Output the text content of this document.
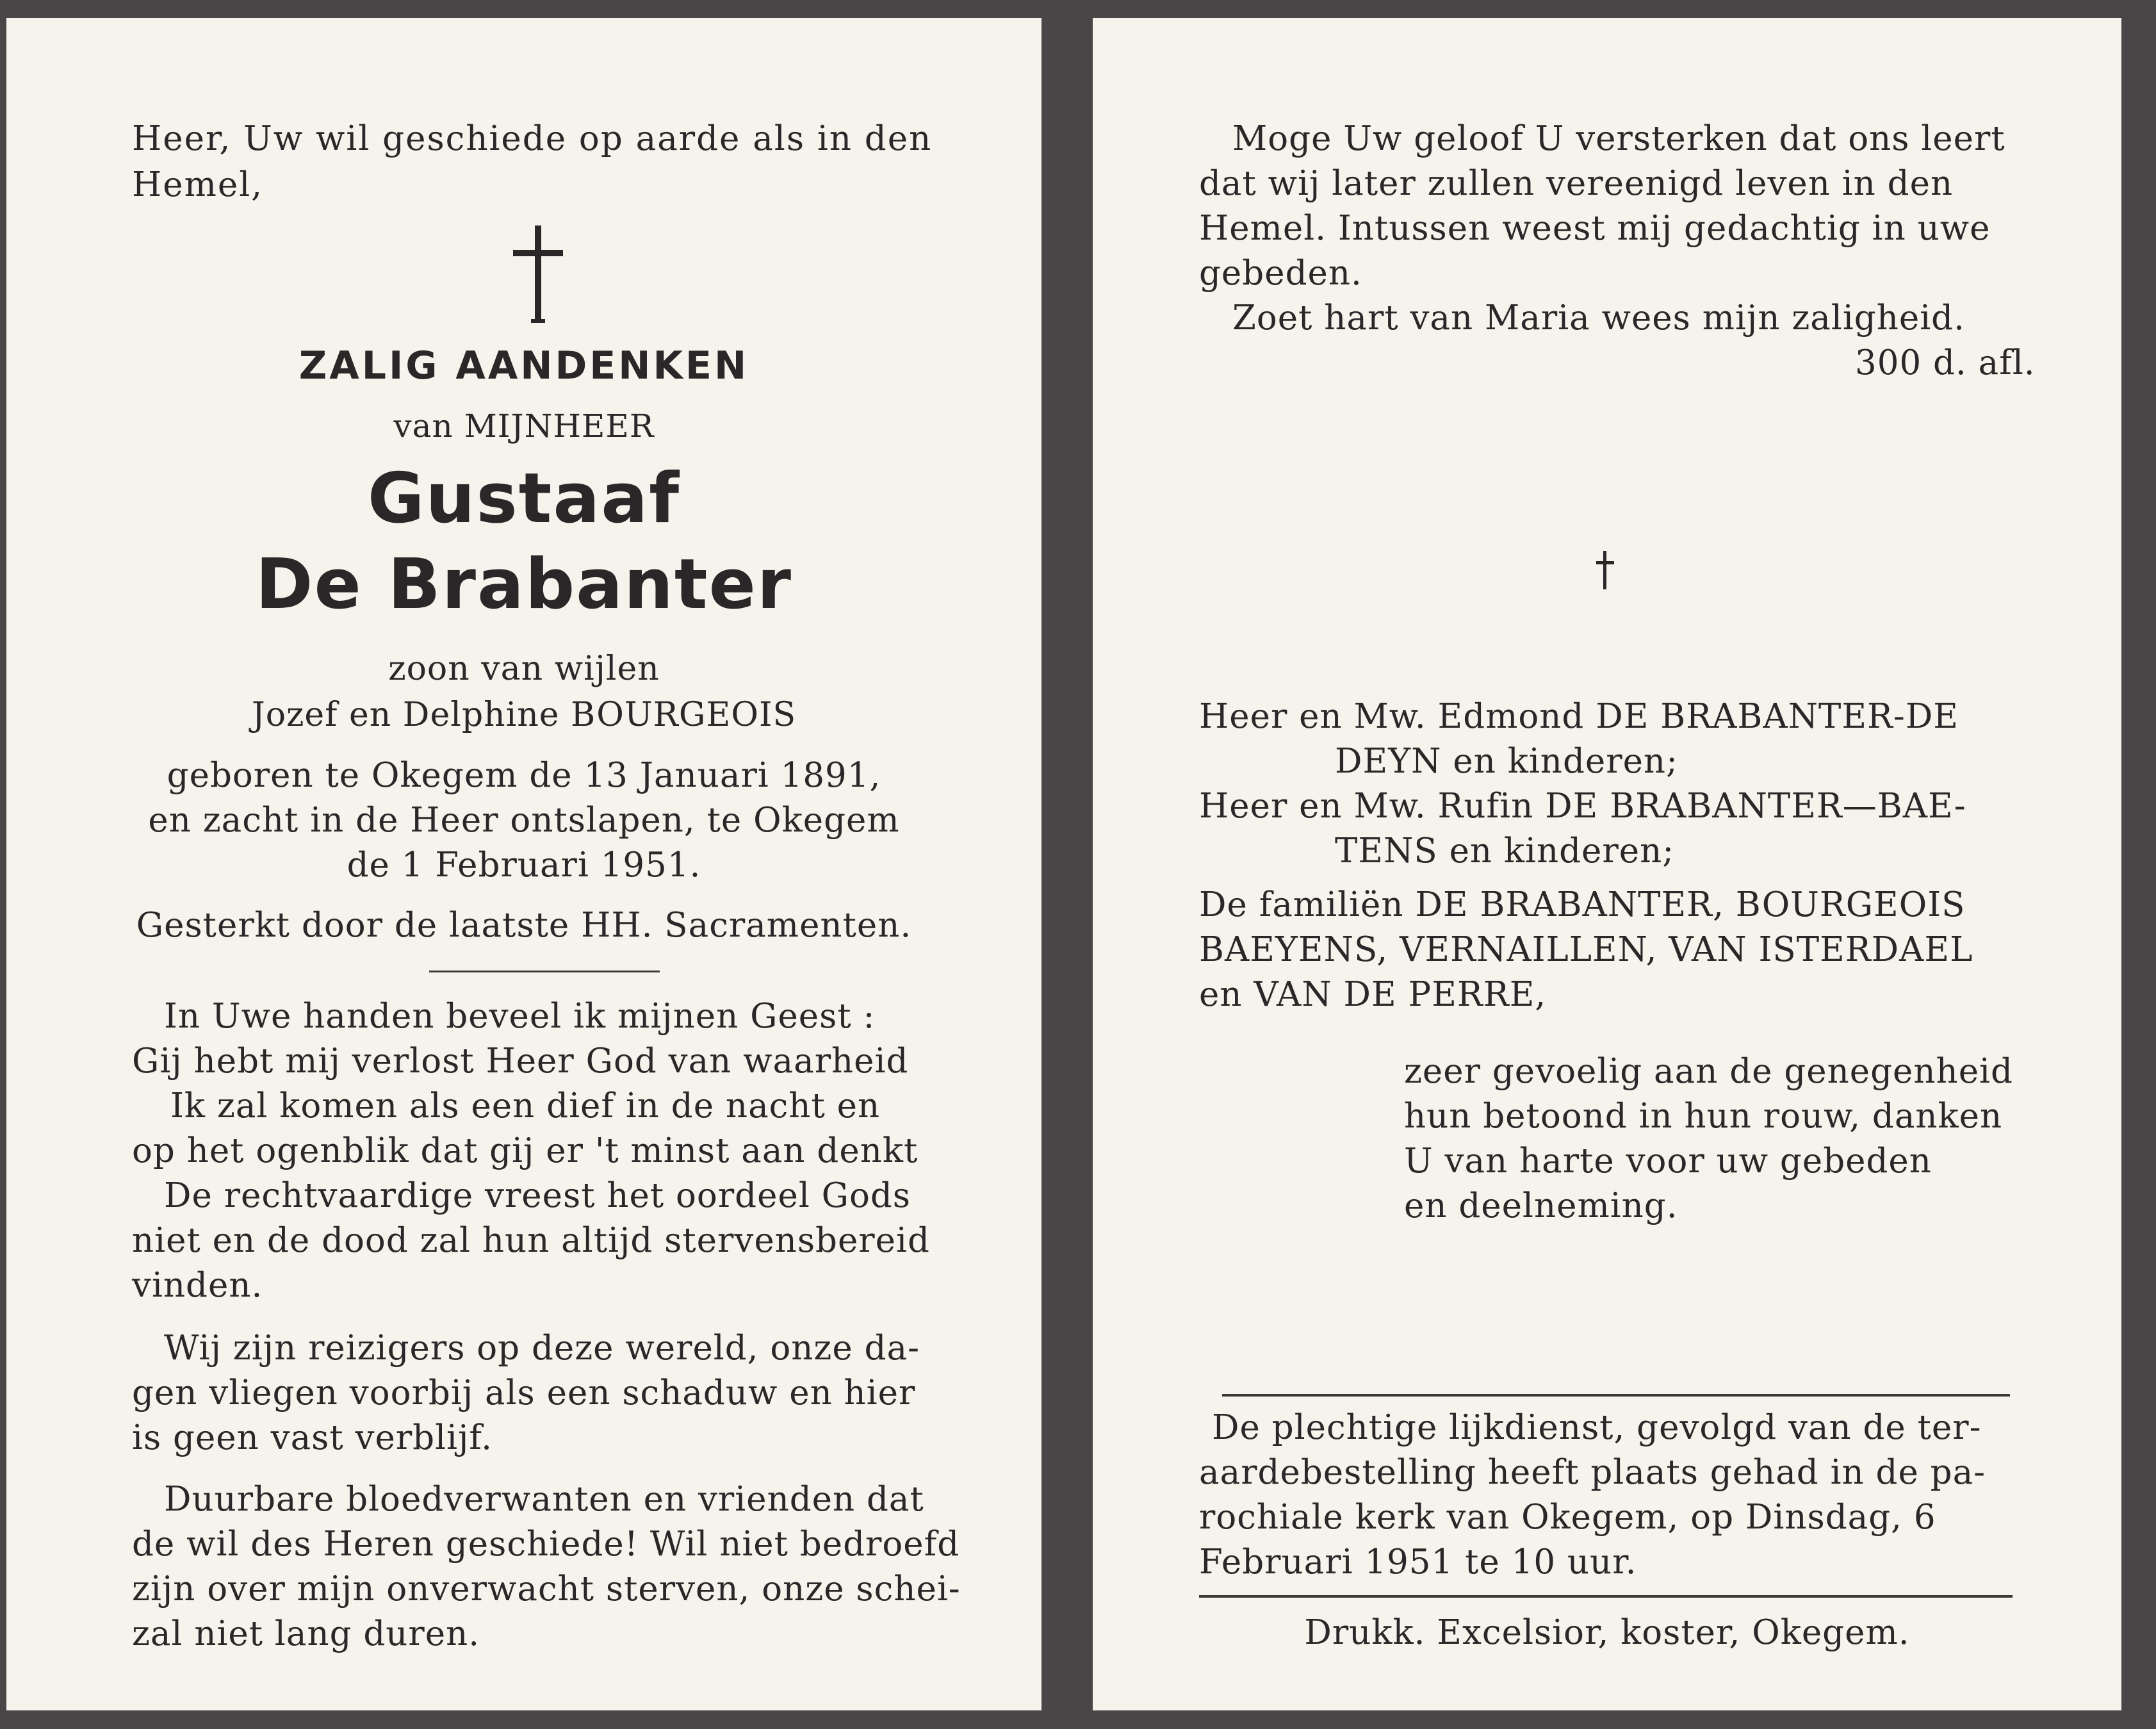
Heer, Uw wil geschiede op aarde als in den

Hemel,

ZALIG AANDENKEN

van MIJNHEER

Gustaaf

De Brabanter

zoon van wijlen

Jozef en Delphine BOURGEOIS

geboren te Okegem de 13 Januari 1891,

en zacht in de Heer ontslapen, te Okegem

de 1 Februari 1951.

Gesterkt door de laatste HH. Sacramenten.

In Uwe handen beveel ik mijnen Geest :

Gij hebt mij verlost Heer God van waarheid

Ik zal komen als een dief in de nacht en

op het ogenblik dat gij er 't minst aan denkt

De rechtvaardige vreest het oordeel Gods

niet en de dood zal hun altijd stervensbereid

vinden.

Wij zijn reizigers op deze wereld, onze da-

gen vliegen voorbij als een schaduw en hier

is geen vast verblijf.

Duurbare bloedverwanten en vrienden dat

de wil des Heren geschiede! Wil niet bedroefd

zijn over mijn onverwacht sterven, onze schei-

zal niet lang duren.

Moge Uw geloof U versterken dat ons leert

dat wij later zullen vereenigd leven in den

Hemel. Intussen weest mij gedachtig in uwe

gebeden.

Zoet hart van Maria wees mijn zaligheid.

300 d. afl.

Heer en Mw. Edmond DE BRABANTER-DE

DEYN en kinderen;

Heer en Mw. Rufin DE BRABANTER—BAE-

TENS en kinderen;

De familiën DE BRABANTER, BOURGEOIS

BAEYENS, VERNAILLEN, VAN ISTERDAEL

en VAN DE PERRE,

zeer gevoelig aan de genegenheid

hun betoond in hun rouw, danken

U van harte voor uw gebeden

en deelneming.

De plechtige lijkdienst, gevolgd van de ter-

aardebestelling heeft plaats gehad in de pa-

rochiale kerk van Okegem, op Dinsdag, 6

Februari 1951 te 10 uur.

Drukk. Excelsior, koster, Okegem.
